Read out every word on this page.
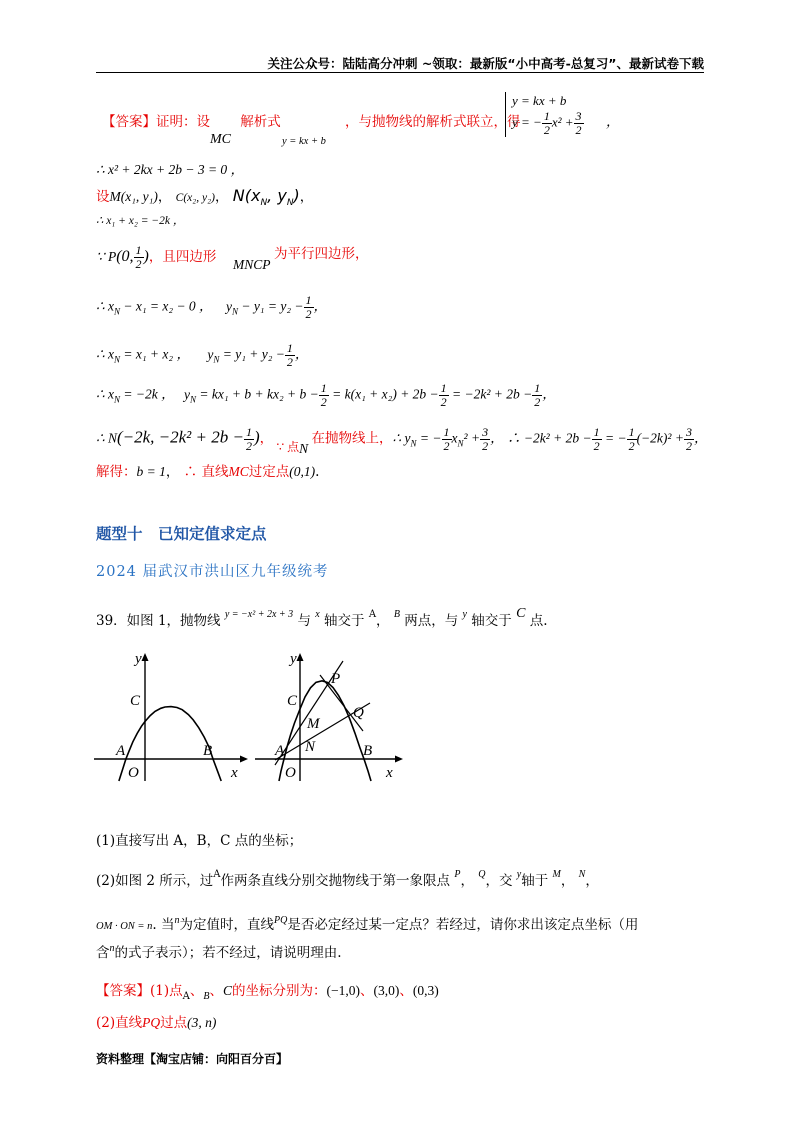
关注公众号：陆陆高分冲刺 ~领取：最新版“小中高考-总复习”、最新试卷下载
【答案】证明：设 解析式
MC	y = kx + b
，与抛物线的解析式联立，得
y = kx + b
y = − $\frac{1}{2} x^2 + \frac{3}{2}$ ，
∴ x² + 2kx + 2b − 3 = 0 ，
设M(x₁, y₁)， C(x₂, y₂)， $N(x_N$, $y_N$)，
∴ x₁ + x₂ = −2k ，
∵ P(0, $\frac{1}{2}$ )，且四边形 MNCP
为平行四边形，
∴ $x_N - x_1 = x_2 - 0$ ， $y_N - y_1 = y_2 - \frac{1}{2}$ ，
∴ $x_N = x_1 + x_2$ ， $y_N = y_1 + y_2 - \frac{1}{2}$ ，
∴ $x_N = -2k$ ， $y_N = kx_1 + b + kx_2 + b - \frac{1}{2} = k(x_1 + x_2) + 2b - \frac{1}{2} = -2k^2 + 2b - \frac{1}{2}$ ，
∴ N(−2k, $-2k^2 + 2b - \frac{1}{2}$ )， ∵ 点N 在抛物线上，∴ $y_N$ = − $\frac{1}{2} x_N^2 + \frac{3}{2}$ ， ∴ $-2k^2 + 2b - \frac{1}{2}$ = − $\frac{1}{2} (-2k)^2 + \frac{3}{2}$ ，
解得：b = 1， ∴ 直线MC过定点(0,1).
题型十　已知定值求定点
2024 届武汉市洪山区九年级统考
39．如图 1，抛物线 $^{y = -x^2 + 2x + 3}$ 与 $^x$ 轴交于 $^A$， $^B$ 两点，与 $^y$ 轴交于 C 点.
y
x
O
A	B
C
y
x
O
A	B
C
P
Q
M
N
(1)直接写出 A，B，C 点的坐标；
(2)如图 2 所示，过$^A$作两条直线分别交抛物线于第一象限点 $^P$， $^Q$，交 $^y$轴于 $^M$， $^N$，
OM · ON = n. 当$^n$为定值时，直线$^{PQ}$是否必定经过某一定点？若经过，请你求出该定点坐标（用
含$^n$的式子表示）；若不经过，请说明理由.
【答案】(1)点$_A$、$_B$、C的坐标分别为：(−1,0)、(3,0)、(0,3)
(2)直线PQ过点(3, n)
资料整理【淘宝店铺：向阳百分百】
